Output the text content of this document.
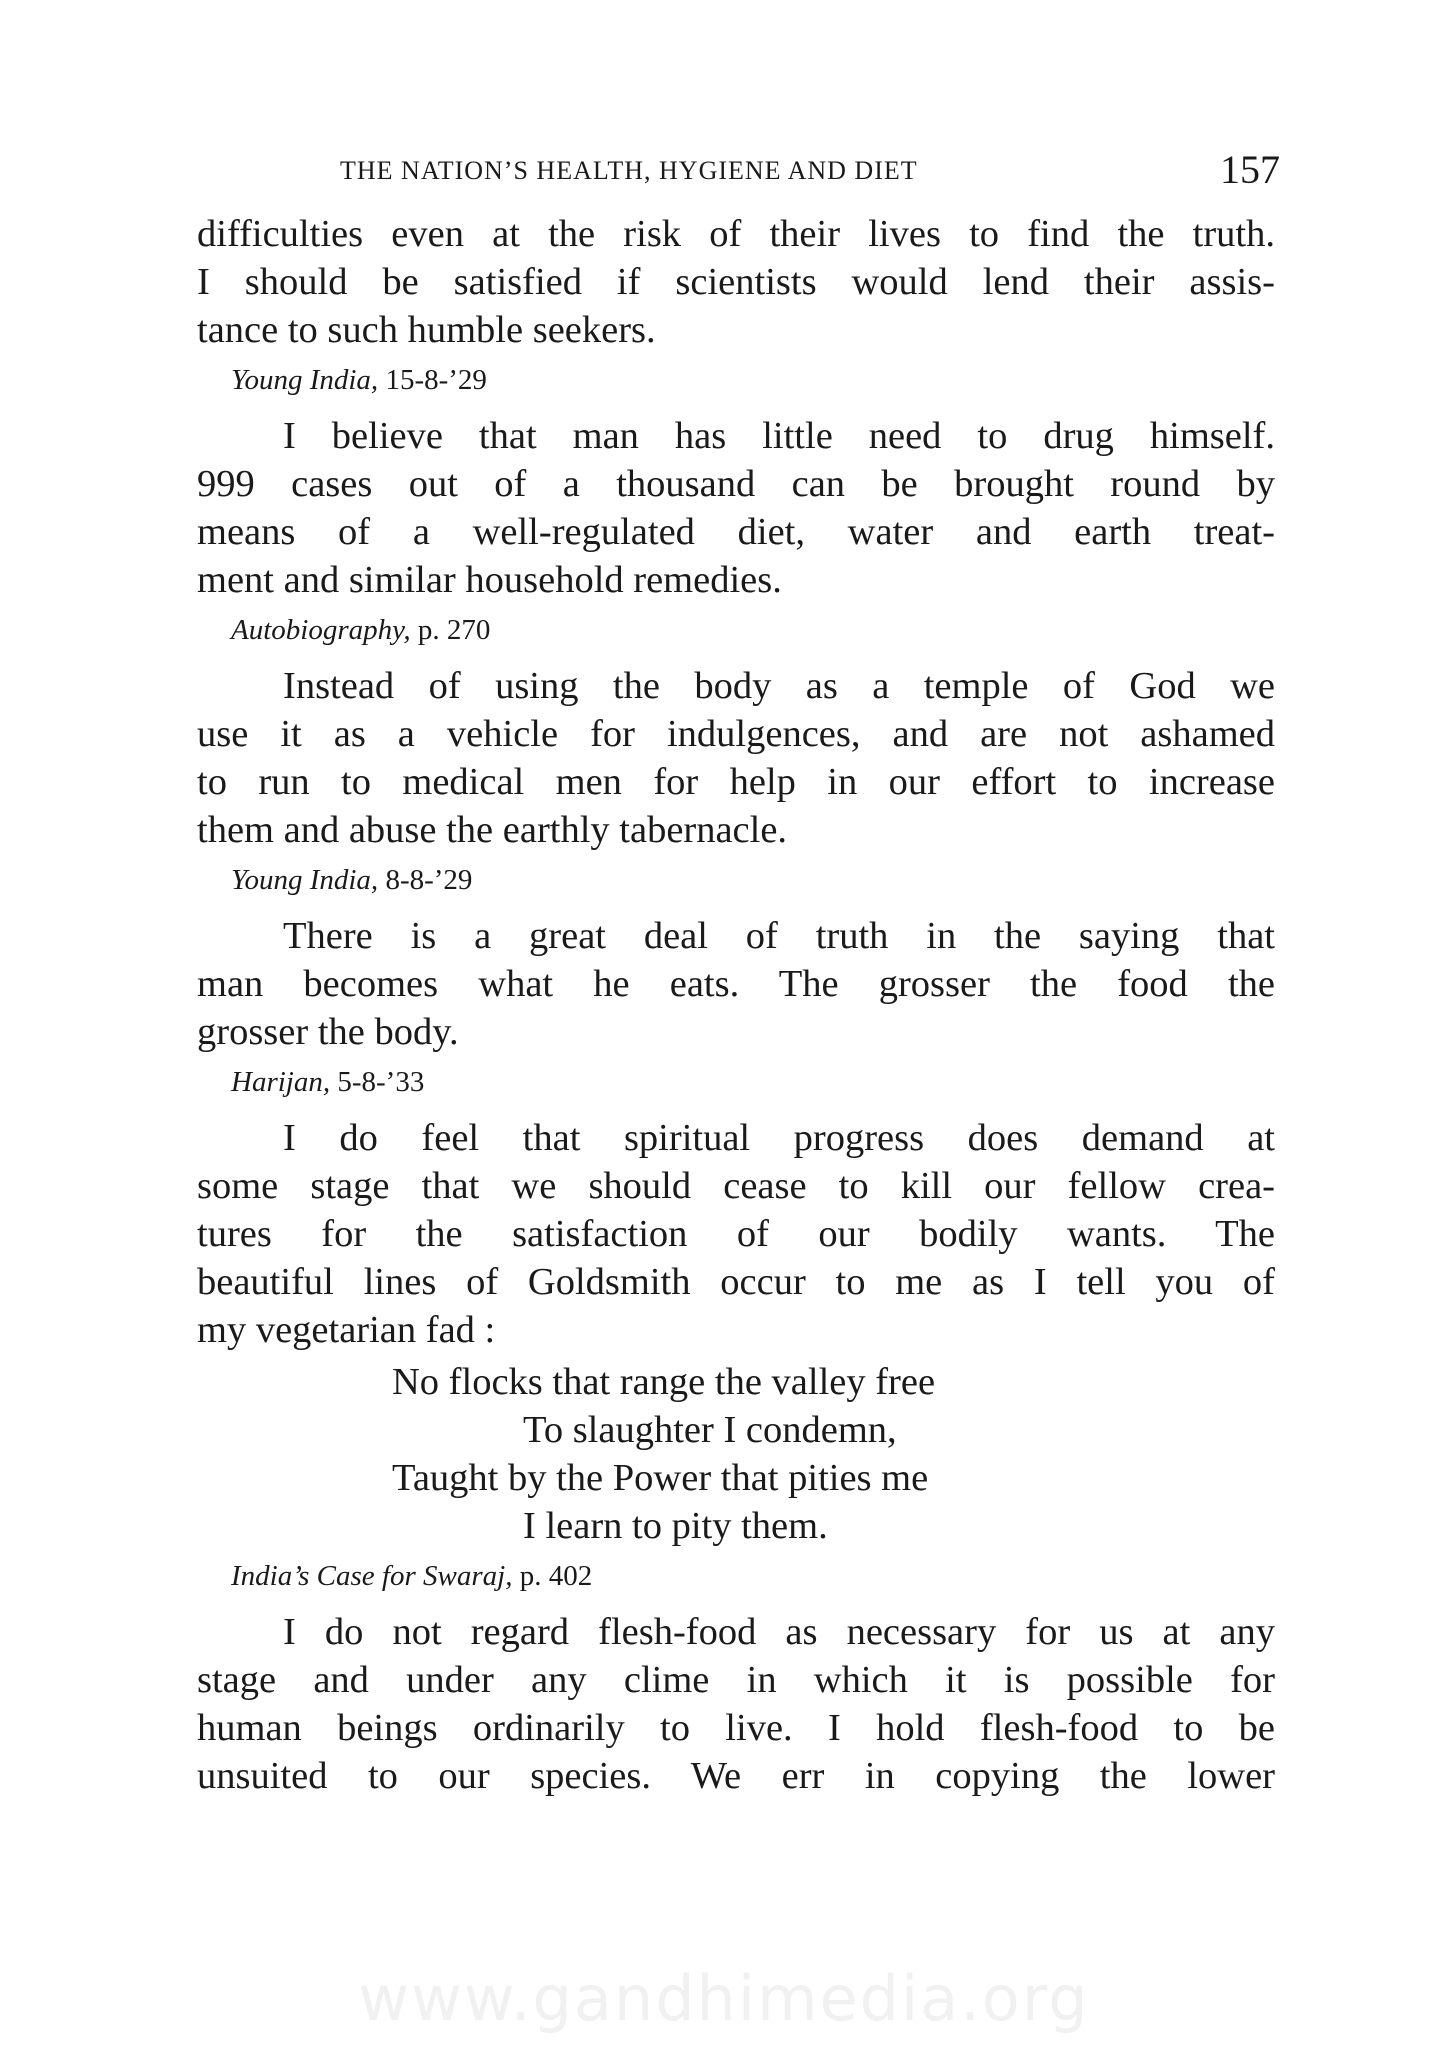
THE NATION’S HEALTH, HYGIENE AND DIET	157

difficulties even at the risk of their lives to find the truth.
I should be satisfied if scientists would lend their assis-
tance to such humble seekers.

Young India, 15-8-’29

I believe that man has little need to drug himself.
999 cases out of a thousand can be brought round by
means of a well-regulated diet, water and earth treat-
ment and similar household remedies.

Autobiography, p. 270

Instead of using the body as a temple of God we
use it as a vehicle for indulgences, and are not ashamed
to run to medical men for help in our effort to increase
them and abuse the earthly tabernacle.

Young India, 8-8-’29

There is a great deal of truth in the saying that
man becomes what he eats. The grosser the food the
grosser the body.

Harijan, 5-8-’33

I do feel that spiritual progress does demand at
some stage that we should cease to kill our fellow crea-
tures for the satisfaction of our bodily wants. The
beautiful lines of Goldsmith occur to me as I tell you of
my vegetarian fad :

No flocks that range the valley free
To slaughter I condemn,
Taught by the Power that pities me
I learn to pity them.
India’s Case for Swaraj, p. 402

I do not regard flesh-food as necessary for us at any
stage and under any clime in which it is possible for
human beings ordinarily to live. I hold flesh-food to be
unsuited to our species. We err in copying the lower

www.gandhimedia.org
